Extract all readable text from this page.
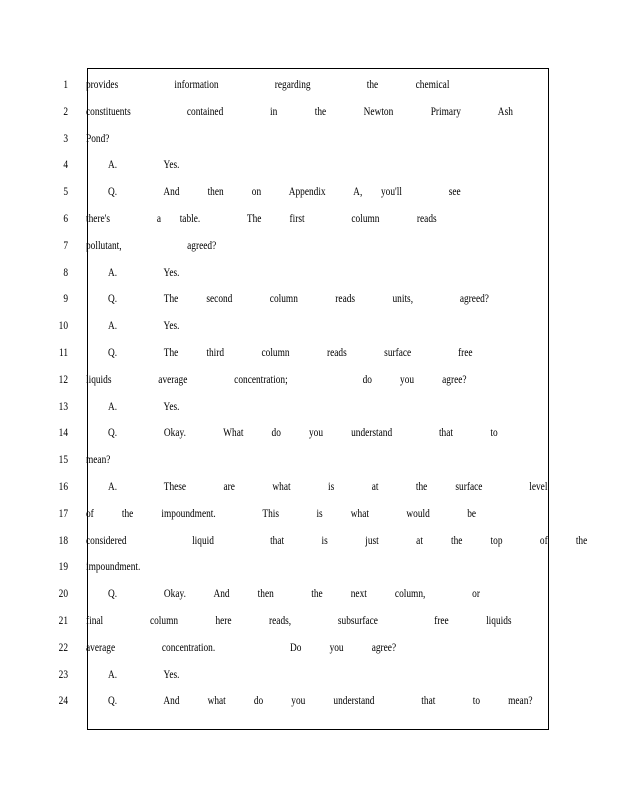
1 provides      information      regarding      the    chemical
2 constituents      contained     in    the    Newton    Primary    Ash
3 Pond?
4	A.     Yes.
5	Q.     And   then   on   Appendix   A,  you'll     see
6 there's     a  table.     The   first     column    reads
7 pollutant,       agreed?
8	A.     Yes.
9	Q.     The   second    column    reads    units,     agreed?
10	A.     Yes.
11	Q.     The   third    column    reads    surface     free
12 liquids     average     concentration;        do   you   agree?
13	A.     Yes.
14	Q.     Okay.    What   do   you   understand     that    to
15 mean?
16	A.     These    are    what    is    at    the   surface     level
17 of   the   impoundment.     This    is   what    would    be
18 considered       liquid      that    is    just    at   the   top    of   the
19 impoundment.
20	Q.     Okay.   And   then    the   next   column,     or
21 final     column    here    reads,     subsurface      free    liquids
22 average     concentration.        Do   you   agree?
23	A.     Yes.
24	Q.     And   what   do   you   understand     that    to   mean?
